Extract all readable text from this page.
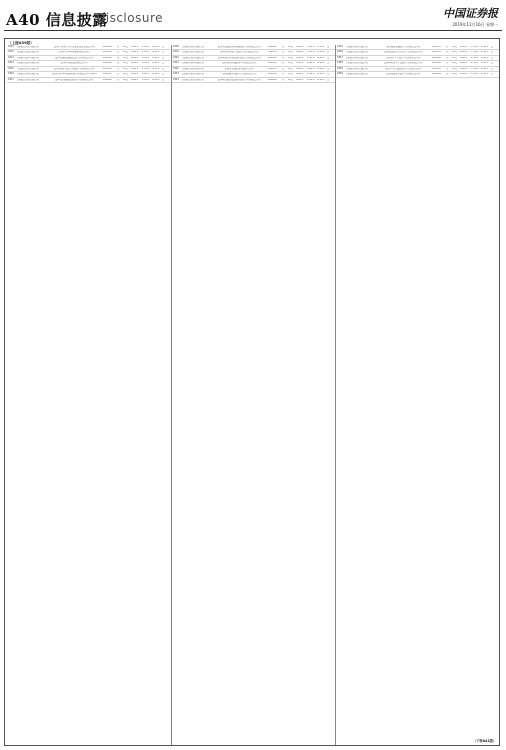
A40 信息披露
Disclosure	中国证券报
2019年12月16日 星期一
（上接A39版）
1811 工商银行股份有限公司	富国中证国有企业改革指数证券投资基金	161026	否	10元	0.60%	1.20%	0.50%	是
1812 工商银行股份有限公司	富国沪深300增强证券投资基金	100038	否	10元	0.60%	1.20%	0.50%	是
1813 工商银行股份有限公司	富国天惠精选成长混合型证券投资基金	161005	否	10元	0.60%	1.50%	0.50%	是
1814 工商银行股份有限公司	富国天利增长债券投资基金	100018	否	10元	0.60%	0.80%	0.10%	是
1815 工商银行股份有限公司	富国天源沪港深平衡混合型证券投资基金	100016	否	10元	0.60%	1.50%	0.50%	是
1816 工商银行股份有限公司	富国中证500指数增强型证券投资基金(LOF)	161017	否	10元	0.60%	1.20%	0.50%	是
1817 工商银行股份有限公司	富国天合稳健优选混合型证券投资基金	100026	否	10元	0.60%	1.50%	0.50%	是
1818 工商银行股份有限公司	富国天瑞强势地区精选混合型证券投资基金	100022	否	10元	0.60%	1.50%	0.50%	是
1819 工商银行股份有限公司	富国天博创新主题混合型证券投资基金	519035	否	10元	0.60%	1.50%	0.50%	是
1820 工商银行股份有限公司	富国天成红利灵活配置混合型证券投资基金	100029	否	10元	0.60%	1.50%	0.50%	是
1821 工商银行股份有限公司	富国优化增强债券型证券投资基金	100035	否	10元	0.60%	0.80%	0.10%	是
1822 工商银行股份有限公司	富国可转换债券证券投资基金	100051	否	10元	0.60%	0.80%	0.10%	是
1823 工商银行股份有限公司	富国低碳环保混合型证券投资基金	100056	否	10元	0.60%	1.50%	0.50%	是
1824 工商银行股份有限公司	富国研究精选灵活配置混合型证券投资基金	000880	否	10元	0.60%	1.50%	0.50%	是
1825 工商银行股份有限公司	富国城镇发展股票型证券投资基金	000471	否	10元	0.60%	1.50%	0.50%	是
1826 工商银行股份有限公司	富国高端制造行业股票型证券投资基金	000513	否	10元	0.60%	1.50%	0.50%	是
1827 工商银行股份有限公司	富国新兴产业股票型证券投资基金	001048	否	10元	0.60%	1.50%	0.50%	是
1828 工商银行股份有限公司	富国国家安全主题混合型证券投资基金	001268	否	10元	0.60%	1.50%	0.50%	是
1829 工商银行股份有限公司	富国中小盘精选混合型证券投资基金	450003	否	10元	0.60%	1.50%	0.50%	是
1830 工商银行股份有限公司	富国改革动力混合型证券投资基金	000294	否	10元	0.60%	1.50%	0.50%	是
（下转A41版）
